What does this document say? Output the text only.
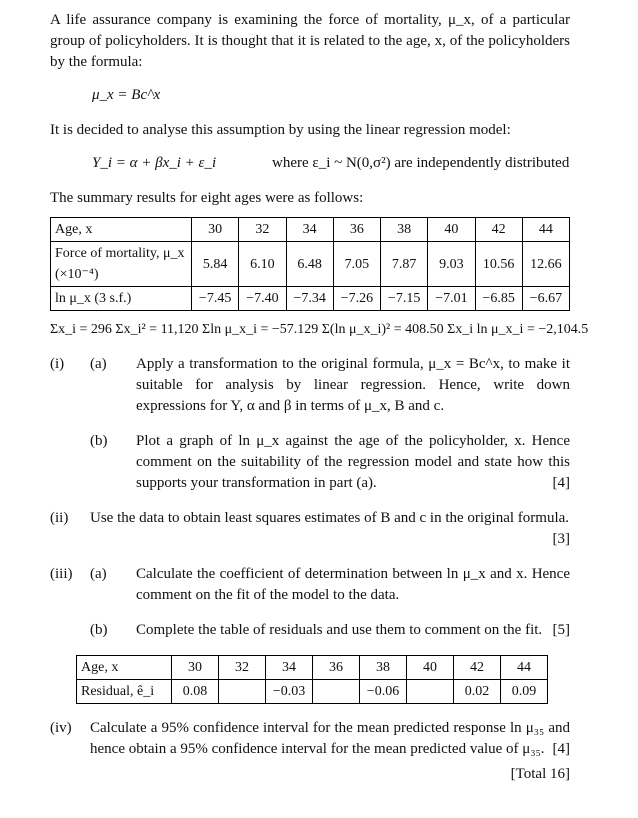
A life assurance company is examining the force of mortality, μ_x, of a particular group of policyholders. It is thought that it is related to the age, x, of the policyholders by the formula:

μ_x = Bc^x

It is decided to analyse this assumption by using the linear regression model:

Y_i = α + βx_i + ε_i	where ε_i ~ N(0,σ²) are independently distributed

The summary results for eight ages were as follows:

Age, x	30	32	34	36	38	40	42	44
Force of mortality, μ_x (×10⁻⁴)	5.84	6.10	6.48	7.05	7.87	9.03	10.56	12.66
ln μ_x (3 s.f.)	−7.45	−7.40	−7.34	−7.26	−7.15	−7.01	−6.85	−6.67

Σx_i = 296 Σx_i² = 11,120 Σln μ_x_i = −57.129 Σ(ln μ_x_i)² = 408.50 Σx_i ln μ_x_i = −2,104.5

(i)	(a)	Apply a transformation to the original formula, μ_x = Bc^x, to make it suitable for analysis by linear regression. Hence, write down expressions for Y, α and β in terms of μ_x, B and c.
(b)	Plot a graph of ln μ_x against the age of the policyholder, x. Hence comment on the suitability of the regression model and state how this supports your transformation in part (a).	[4]
(ii)	Use the data to obtain least squares estimates of B and c in the original formula.
[3]
(iii)	(a)	Calculate the coefficient of determination between ln μ_x and x. Hence comment on the fit of the model to the data.
(b)	Complete the table of residuals and use them to comment on the fit. [5]
Age, x	30	32	34	36	38	40	42	44
Residual, ê_i	0.08		−0.03		−0.06		0.02	0.09
(iv)	Calculate a 95% confidence interval for the mean predicted response ln μ₃₅ and hence obtain a 95% confidence interval for the mean predicted value of μ₃₅. [4]

[Total 16]
